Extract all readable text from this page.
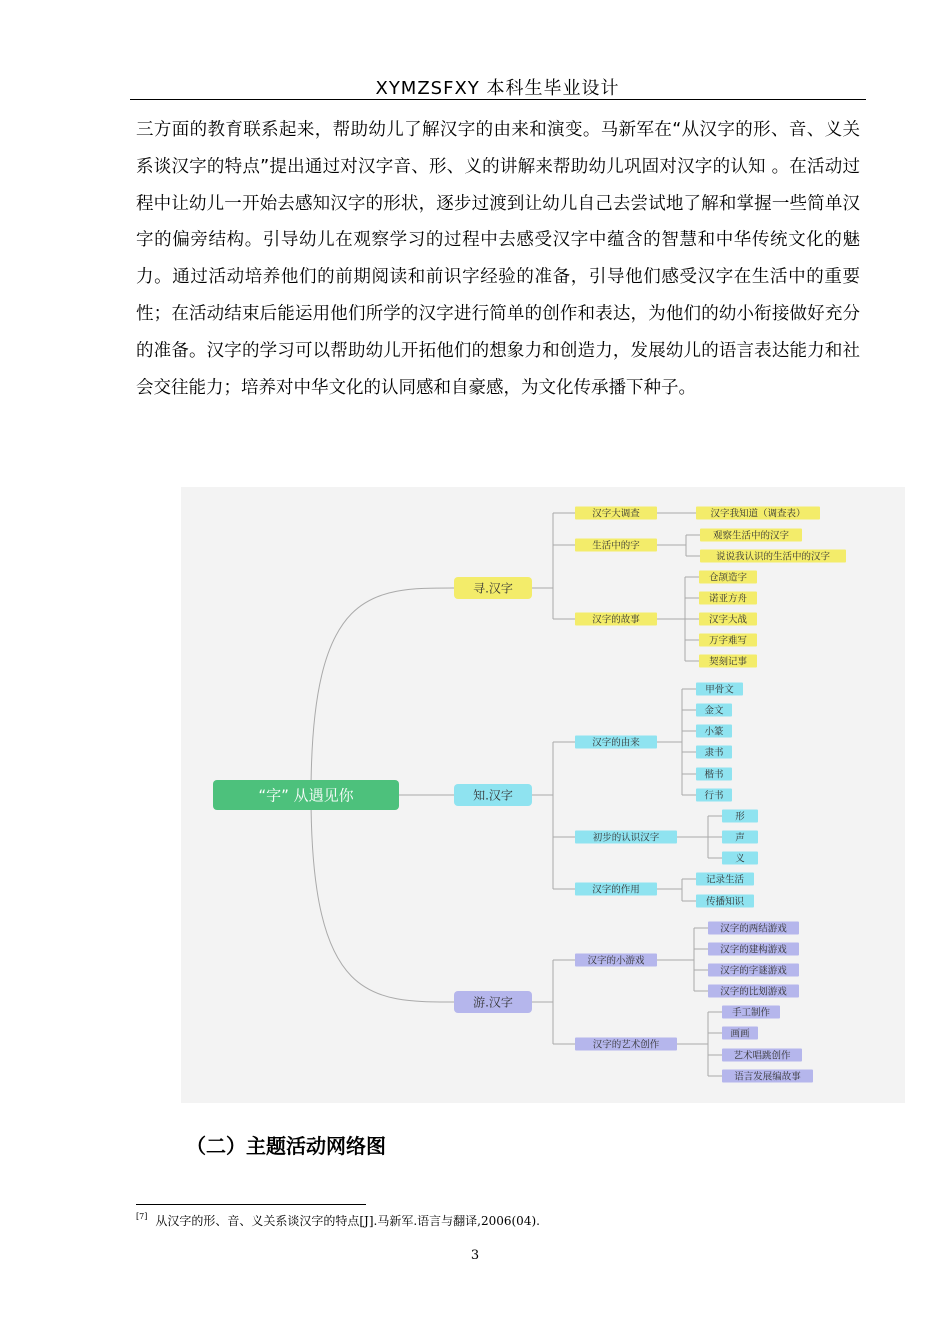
XYMZSFXY 本科生毕业设计

三方面的教育联系起来，帮助幼儿了解汉字的由来和演变。马新军在“从汉字的形、音、义关系谈汉字的特点”提出通过对汉字音、形、义的讲解来帮助幼儿巩固对汉字的认知 。在活动过程中让幼儿一开始去感知汉字的形状，逐步过渡到让幼儿自己去尝试地了解和掌握一些简单汉字的偏旁结构。引导幼儿在观察学习的过程中去感受汉字中蕴含的智慧和中华传统文化的魅力。通过活动培养他们的前期阅读和前识字经验的准备，引导他们感受汉字在生活中的重要性；在活动结束后能运用他们所学的汉字进行简单的创作和表达，为他们的幼小衔接做好充分的准备。汉字的学习可以帮助幼儿开拓他们的想象力和创造力，发展幼儿的语言表达能力和社会交往能力；培养对中华文化的认同感和自豪感，为文化传承播下种子。

汉字我知道（调查表）
汉字大调查
观察生活中的汉字
说说我认识的生活中的汉字
生活中的字
仓颉造字
诺亚方舟
汉字大战
万字难写
契刻记事
汉字的故事
寻.汉字
甲骨文
金文
小篆
隶书
楷书
行书
汉字的由来
形
声
义
初步的认识汉字
记录生活
传播知识
汉字的作用
知.汉字
汉字的两结游戏
汉字的建构游戏
汉字的字谜游戏
汉字的比划游戏
汉字的小游戏
手工制作
画画
艺术唱跳创作
语言发展编故事
汉字的艺术创作
游.汉字
“字” 从遇见你
（二）主题活动网络图
[7] 从汉字的形、音、义关系谈汉字的特点[J].马新军.语言与翻译,2006(04).
3
